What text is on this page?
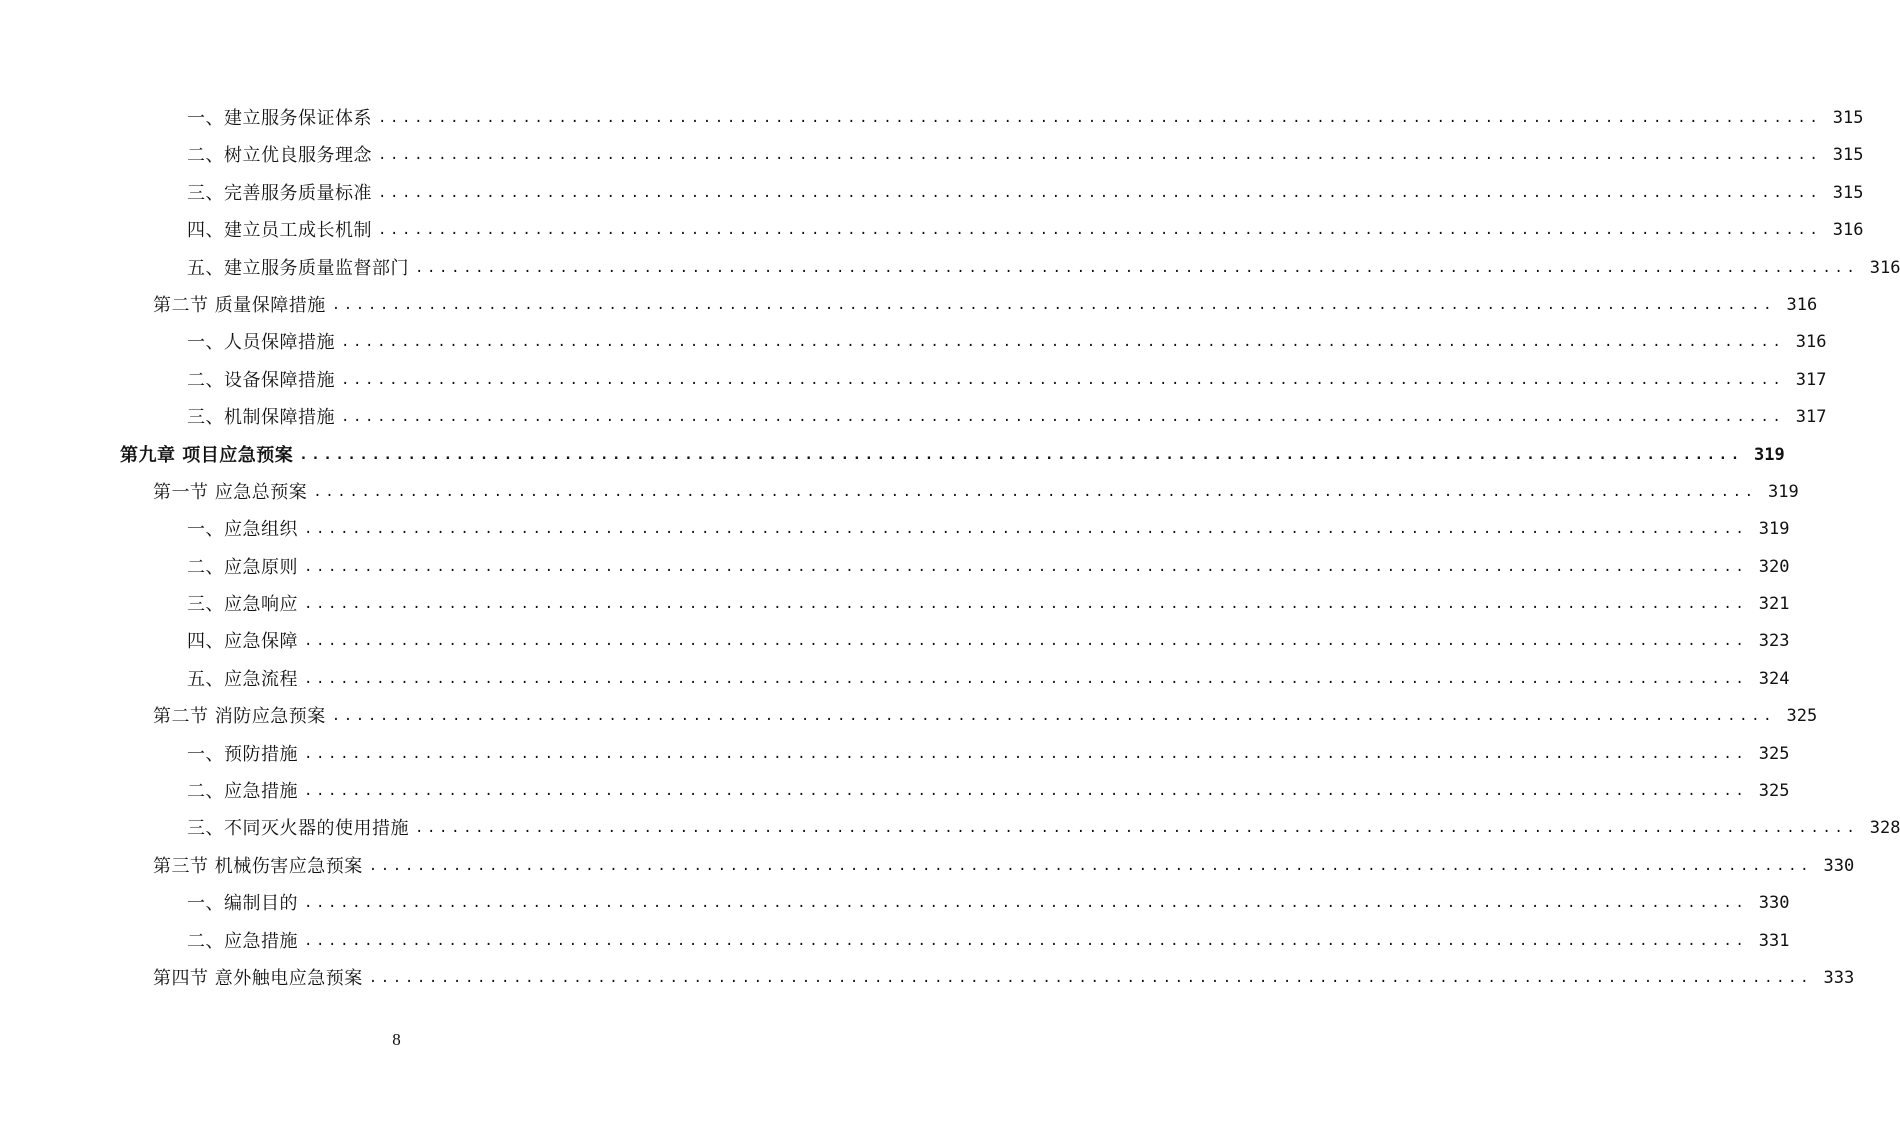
一、建立服务保证体系 ........................................................................................................................ 315
二、树立优良服务理念 ........................................................................................................................ 315
三、完善服务质量标准 ........................................................................................................................ 315
四、建立员工成长机制 ........................................................................................................................ 316
五、建立服务质量监督部门 ........................................................................................................................ 316
第二节 质量保障措施 ........................................................................................................................ 316
一、人员保障措施 ........................................................................................................................ 316
二、设备保障措施 ........................................................................................................................ 317
三、机制保障措施 ........................................................................................................................ 317
第九章 项目应急预案 ........................................................................................................................ 319
第一节 应急总预案 ........................................................................................................................ 319
一、应急组织 ........................................................................................................................ 319
二、应急原则 ........................................................................................................................ 320
三、应急响应 ........................................................................................................................ 321
四、应急保障 ........................................................................................................................ 323
五、应急流程 ........................................................................................................................ 324
第二节 消防应急预案 ........................................................................................................................ 325
一、预防措施 ........................................................................................................................ 325
二、应急措施 ........................................................................................................................ 325
三、不同灭火器的使用措施 ........................................................................................................................ 328
第三节 机械伤害应急预案 ........................................................................................................................ 330
一、编制目的 ........................................................................................................................ 330
二、应急措施 ........................................................................................................................ 331
第四节 意外触电应急预案 ........................................................................................................................ 333
8
